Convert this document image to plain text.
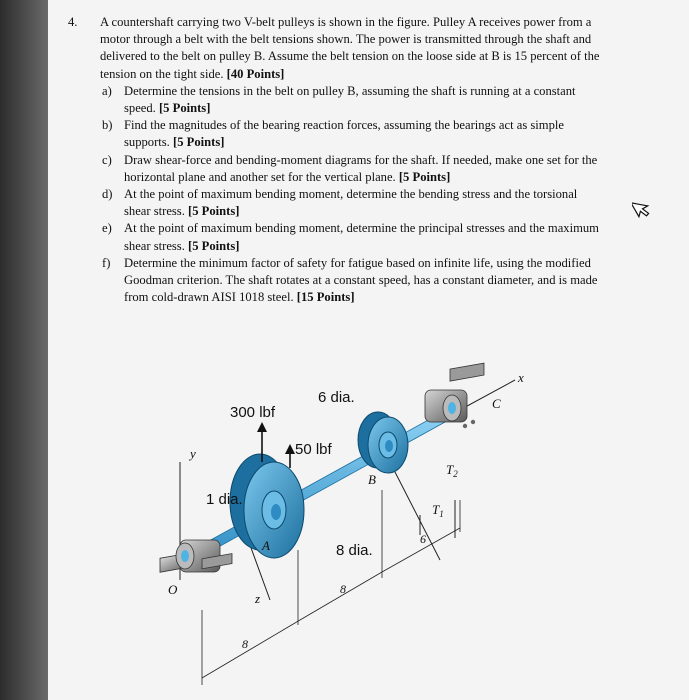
4. A countershaft carrying two V-belt pulleys is shown in the figure. Pulley A receives power from a motor through a belt with the belt tensions shown. The power is transmitted through the shaft and delivered to the belt on pulley B. Assume the belt tension on the loose side at B is 15 percent of the tension on the tight side. [40 Points]

a) Determine the tensions in the belt on pulley B, assuming the shaft is running at a constant speed. [5 Points]

b) Find the magnitudes of the bearing reaction forces, assuming the bearings act as simple supports. [5 Points]

c) Draw shear-force and bending-moment diagrams for the shaft. If needed, make one set for the horizontal plane and another set for the vertical plane. [5 Points]

d) At the point of maximum bending moment, determine the bending stress and the torsional shear stress. [5 Points]

e) At the point of maximum bending moment, determine the principal stresses and the maximum shear stress. [5 Points]

f) Determine the minimum factor of safety for fatigue based on infinite life, using the modified Goodman criterion. The shaft rotates at a constant speed, has a constant diameter, and is made from cold-drawn AISI 1018 steel. [15 Points]

300 lbf
6 dia.
50 lbf
1 dia.
8 dia.
y
x
z
O
A
B
C
$T_2$
$T_1$
8
8
6
